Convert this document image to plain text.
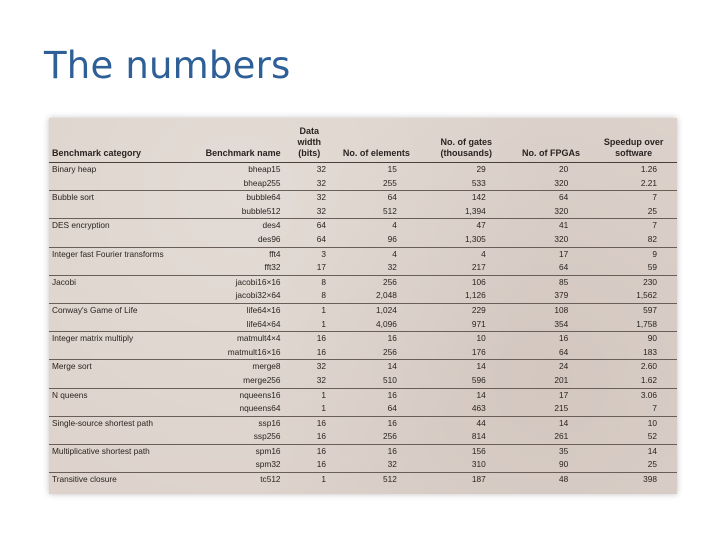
The numbers
Benchmark category	Benchmark name	Data width (bits)	No. of elements	No. of gates (thousands)	No. of FPGAs	Speedup over software
Binary heap	bheap15	32	15	29	20	1.26
	bheap255	32	255	533	320	2.21
Bubble sort	bubble64	32	64	142	64	7
	bubble512	32	512	1,394	320	25
DES encryption	des4	64	4	47	41	7
	des96	64	96	1,305	320	82
Integer fast Fourier transforms	fft4	3	4	4	17	9
	fft32	17	32	217	64	59
Jacobi	jacobi16×16	8	256	106	85	230
	jacobi32×64	8	2,048	1,126	379	1,562
Conway's Game of Life	life64×16	1	1,024	229	108	597
	life64×64	1	4,096	971	354	1,758
Integer matrix multiply	matmult4×4	16	16	10	16	90
	matmult16×16	16	256	176	64	183
Merge sort	merge8	32	14	14	24	2.60
	merge256	32	510	596	201	1.62
N queens	nqueens16	1	16	14	17	3.06
	nqueens64	1	64	463	215	7
Single-source shortest path	ssp16	16	16	44	14	10
	ssp256	16	256	814	261	52
Multiplicative shortest path	spm16	16	16	156	35	14
	spm32	16	32	310	90	25
Transitive closure	tc512	1	512	187	48	398
